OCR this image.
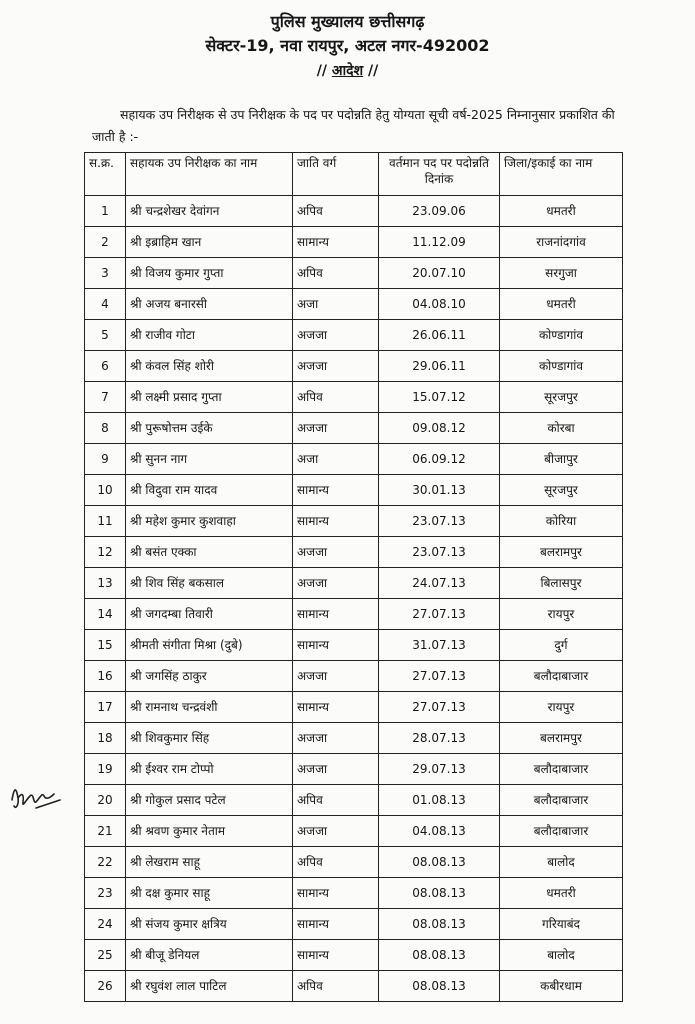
पुलिस मुख्यालय छत्तीसगढ़
सेक्टर-19, नवा रायपुर, अटल नगर-492002
// आदेश //
सहायक उप निरीक्षक से उप निरीक्षक के पद पर पदोन्नति हेतु योग्यता सूची वर्ष-2025 निम्नानुसार प्रकाशित की जाती है :-
स.क्र.	सहायक उप निरीक्षक का नाम	जाति वर्ग	वर्तमान पद पर पदोन्नति दिनांक	जिला/इकाई का नाम
1	श्री चन्द्रशेखर देवांगन	अपिव	23.09.06	धमतरी
2	श्री इब्राहिम खान	सामान्य	11.12.09	राजनांदगांव
3	श्री विजय कुमार गुप्ता	अपिव	20.07.10	सरगुजा
4	श्री अजय बनारसी	अजा	04.08.10	धमतरी
5	श्री राजीव गोटा	अजजा	26.06.11	कोण्डागांव
6	श्री कंवल सिंह शोरी	अजजा	29.06.11	कोण्डागांव
7	श्री लक्ष्मी प्रसाद गुप्ता	अपिव	15.07.12	सूरजपुर
8	श्री पुरूषोत्तम उईके	अजजा	09.08.12	कोरबा
9	श्री सुनन नाग	अजा	06.09.12	बीजापुर
10	श्री विदुवा राम यादव	सामान्य	30.01.13	सूरजपुर
11	श्री महेश कुमार कुशवाहा	सामान्य	23.07.13	कोरिया
12	श्री बसंत एक्का	अजजा	23.07.13	बलरामपुर
13	श्री शिव सिंह बकसाल	अजजा	24.07.13	बिलासपुर
14	श्री जगदम्बा तिवारी	सामान्य	27.07.13	रायपुर
15	श्रीमती संगीता मिश्रा (दुबे)	सामान्य	31.07.13	दुर्ग
16	श्री जगसिंह ठाकुर	अजजा	27.07.13	बलौदाबाजार
17	श्री रामनाथ चन्द्रवंशी	सामान्य	27.07.13	रायपुर
18	श्री शिवकुमार सिंह	अजजा	28.07.13	बलरामपुर
19	श्री ईश्वर राम टोप्पो	अजजा	29.07.13	बलौदाबाजार
20	श्री गोकुल प्रसाद पटेल	अपिव	01.08.13	बलौदाबाजार
21	श्री श्रवण कुमार नेताम	अजजा	04.08.13	बलौदाबाजार
22	श्री लेखराम साहू	अपिव	08.08.13	बालोद
23	श्री दक्ष कुमार साहू	सामान्य	08.08.13	धमतरी
24	श्री संजय कुमार क्षत्रिय	सामान्य	08.08.13	गरियाबंद
25	श्री बीजू डेनियल	सामान्य	08.08.13	बालोद
26	श्री रघुवंश लाल पाटिल	अपिव	08.08.13	कबीरधाम
